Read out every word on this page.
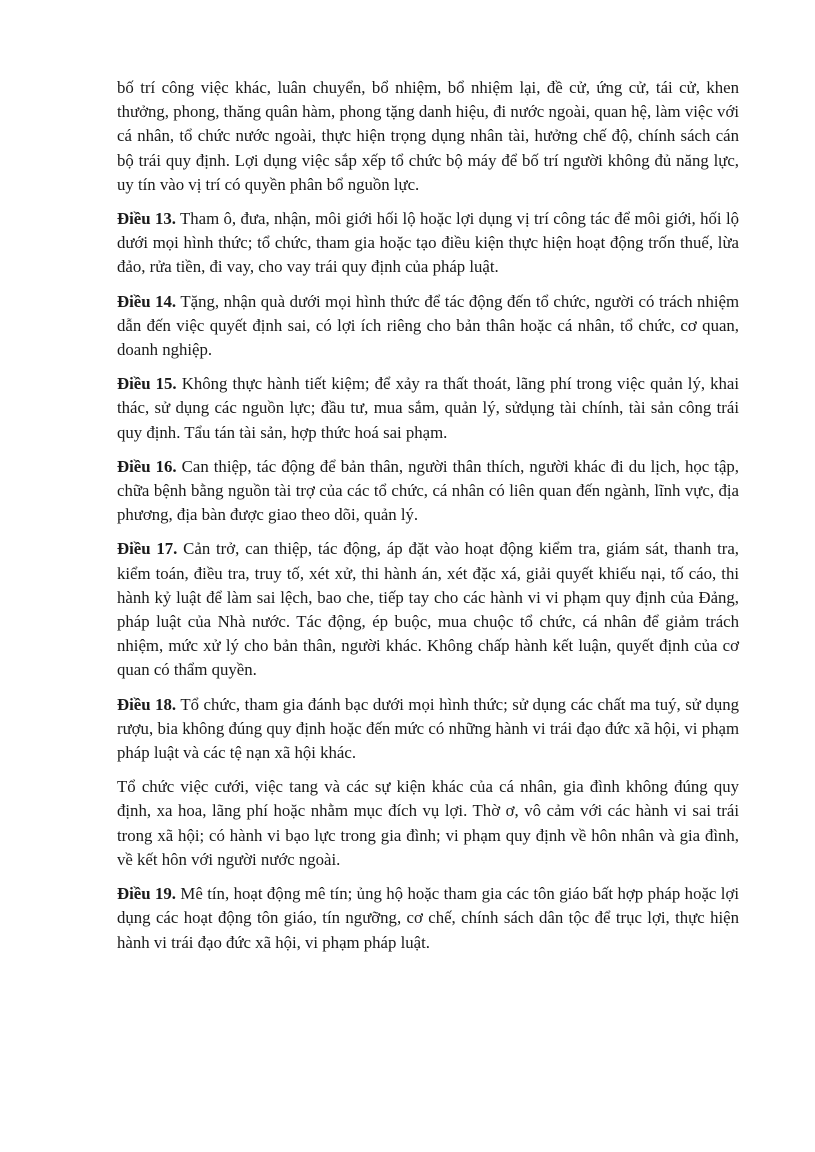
bố trí công việc khác, luân chuyển, bổ nhiệm, bổ nhiệm lại, đề cử, ứng cử, tái cử, khen thưởng, phong, thăng quân hàm, phong tặng danh hiệu, đi nước ngoài, quan hệ, làm việc với cá nhân, tổ chức nước ngoài, thực hiện trọng dụng nhân tài, hưởng chế độ, chính sách cán bộ trái quy định. Lợi dụng việc sắp xếp tổ chức bộ máy để bố trí người không đủ năng lực, uy tín vào vị trí có quyền phân bổ nguồn lực.

Điều 13. Tham ô, đưa, nhận, môi giới hối lộ hoặc lợi dụng vị trí công tác để môi giới, hối lộ dưới mọi hình thức; tổ chức, tham gia hoặc tạo điều kiện thực hiện hoạt động trốn thuế, lừa đảo, rửa tiền, đi vay, cho vay trái quy định của pháp luật.

Điều 14. Tặng, nhận quà dưới mọi hình thức để tác động đến tổ chức, người có trách nhiệm dẫn đến việc quyết định sai, có lợi ích riêng cho bản thân hoặc cá nhân, tổ chức, cơ quan, doanh nghiệp.

Điều 15. Không thực hành tiết kiệm; để xảy ra thất thoát, lãng phí trong việc quản lý, khai thác, sử dụng các nguồn lực; đầu tư, mua sắm, quản lý, sửdụng tài chính, tài sản công trái quy định. Tẩu tán tài sản, hợp thức hoá sai phạm.

Điều 16. Can thiệp, tác động để bản thân, người thân thích, người khác đi du lịch, học tập, chữa bệnh bằng nguồn tài trợ của các tổ chức, cá nhân có liên quan đến ngành, lĩnh vực, địa phương, địa bàn được giao theo dõi, quản lý.

Điều 17. Cản trở, can thiệp, tác động, áp đặt vào hoạt động kiểm tra, giám sát, thanh tra, kiểm toán, điều tra, truy tố, xét xử, thi hành án, xét đặc xá, giải quyết khiếu nại, tố cáo, thi hành kỷ luật để làm sai lệch, bao che, tiếp tay cho các hành vi vi phạm quy định của Đảng, pháp luật của Nhà nước. Tác động, ép buộc, mua chuộc tổ chức, cá nhân để giảm trách nhiệm, mức xử lý cho bản thân, người khác. Không chấp hành kết luận, quyết định của cơ quan có thẩm quyền.

Điều 18. Tổ chức, tham gia đánh bạc dưới mọi hình thức; sử dụng các chất ma tuý, sử dụng rượu, bia không đúng quy định hoặc đến mức có những hành vi trái đạo đức xã hội, vi phạm pháp luật và các tệ nạn xã hội khác.

Tổ chức việc cưới, việc tang và các sự kiện khác của cá nhân, gia đình không đúng quy định, xa hoa, lãng phí hoặc nhằm mục đích vụ lợi. Thờ ơ, vô cảm với các hành vi sai trái trong xã hội; có hành vi bạo lực trong gia đình; vi phạm quy định về hôn nhân và gia đình, về kết hôn với người nước ngoài.

Điều 19. Mê tín, hoạt động mê tín; ủng hộ hoặc tham gia các tôn giáo bất hợp pháp hoặc lợi dụng các hoạt động tôn giáo, tín ngưỡng, cơ chế, chính sách dân tộc để trục lợi, thực hiện hành vi trái đạo đức xã hội, vi phạm pháp luật.
